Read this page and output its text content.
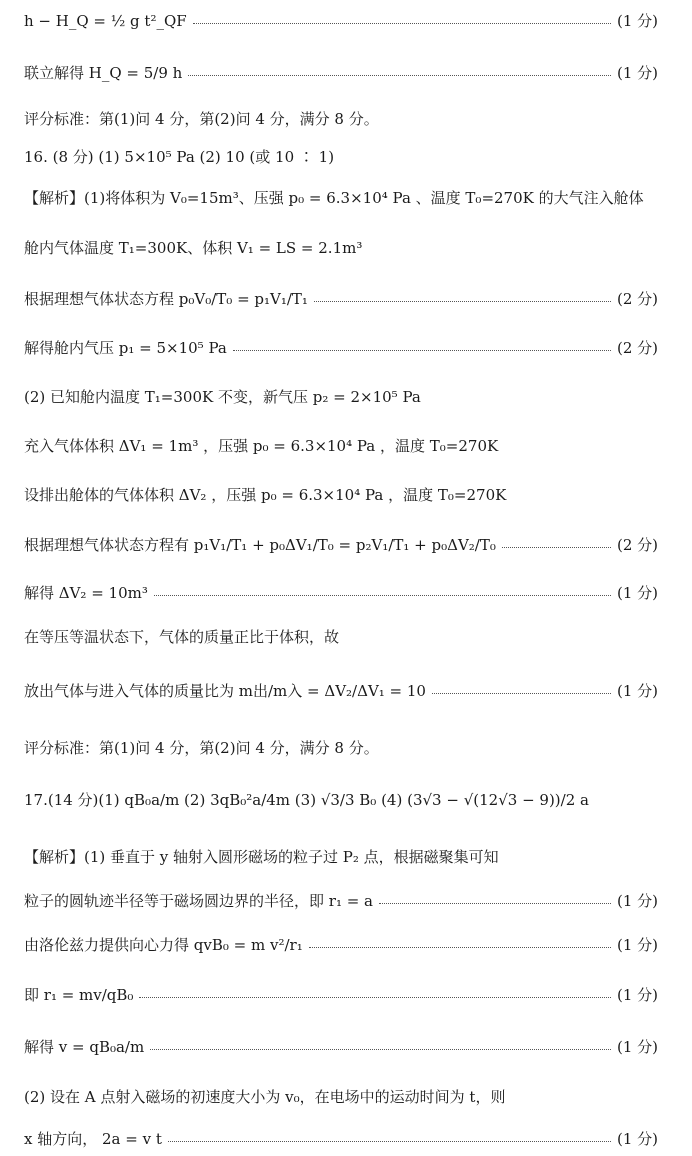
h − H_Q = ½ g t²_QF	(1 分)
联立解得 H_Q = 5/9 h	(1 分)
评分标准：第(1)问 4 分，第(2)问 4 分，满分 8 分。
16. (8 分) (1) 5×10⁵ Pa (2) 10 (或 10 ∶ 1)
【解析】(1)将体积为 V₀=15m³、压强 p₀ = 6.3×10⁴ Pa 、温度 T₀=270K 的大气注入舱体
舱内气体温度 T₁=300K、体积 V₁ = LS = 2.1m³
根据理想气体状态方程 p₀V₀/T₀ = p₁V₁/T₁	(2 分)
解得舱内气压 p₁ = 5×10⁵ Pa	(2 分)
(2) 已知舱内温度 T₁=300K 不变，新气压 p₂ = 2×10⁵ Pa
充入气体体积 ΔV₁ = 1m³ ，压强 p₀ = 6.3×10⁴ Pa ，温度 T₀=270K
设排出舱体的气体体积 ΔV₂ ，压强 p₀ = 6.3×10⁴ Pa ，温度 T₀=270K
根据理想气体状态方程有 p₁V₁/T₁ + p₀ΔV₁/T₀ = p₂V₁/T₁ + p₀ΔV₂/T₀	(2 分)
解得 ΔV₂ = 10m³	(1 分)
在等压等温状态下，气体的质量正比于体积，故
放出气体与进入气体的质量比为 m出/m入 = ΔV₂/ΔV₁ = 10	(1 分)
评分标准：第(1)问 4 分，第(2)问 4 分，满分 8 分。
17.(14 分)(1) qB₀a/m (2) 3qB₀²a/4m (3) √3/3 B₀ (4) (3√3 − √(12√3 − 9))/2 a
【解析】(1) 垂直于 y 轴射入圆形磁场的粒子过 P₂ 点，根据磁聚集可知
粒子的圆轨迹半径等于磁场圆边界的半径，即 r₁ = a	(1 分)
由洛伦兹力提供向心力得 qvB₀ = m v²/r₁	(1 分)
即 r₁ = mv/qB₀	(1 分)
解得 v = qB₀a/m	(1 分)
(2) 设在 A 点射入磁场的初速度大小为 v₀，在电场中的运动时间为 t，则
x 轴方向， 2a = v t	(1 分)
